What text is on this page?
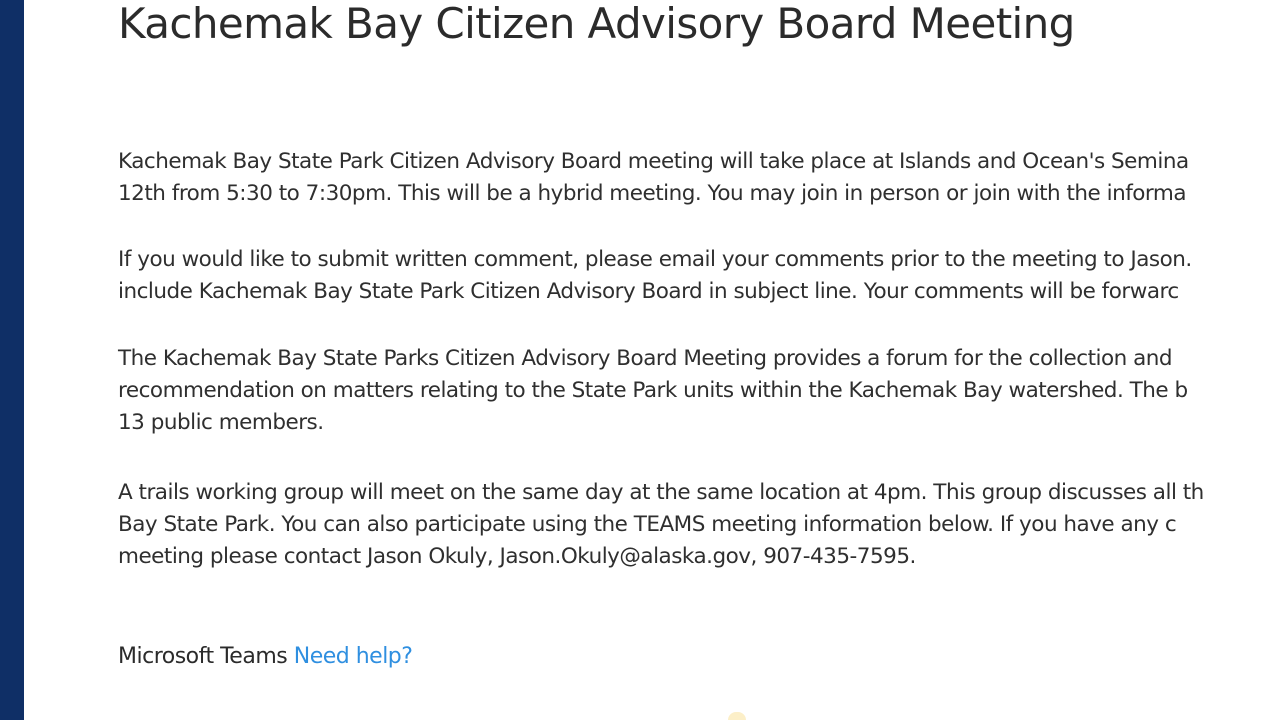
Kachemak Bay Citizen Advisory Board Meeting

Kachemak Bay State Park Citizen Advisory Board meeting will take place at Islands and Ocean's Semina
12th from 5:30 to 7:30pm. This will be a hybrid meeting. You may join in person or join with the informa

If you would like to submit written comment, please email your comments prior to the meeting to Jason.
include Kachemak Bay State Park Citizen Advisory Board in subject line. Your comments will be forwarc

The Kachemak Bay State Parks Citizen Advisory Board Meeting provides a forum for the collection and
recommendation on matters relating to the State Park units within the Kachemak Bay watershed. The b
13 public members.

A trails working group will meet on the same day at the same location at 4pm. This group discusses all th
Bay State Park. You can also participate using the TEAMS meeting information below. If you have any c
meeting please contact Jason Okuly, Jason.Okuly@alaska.gov, 907-435-7595.

Microsoft Teams Need help?
